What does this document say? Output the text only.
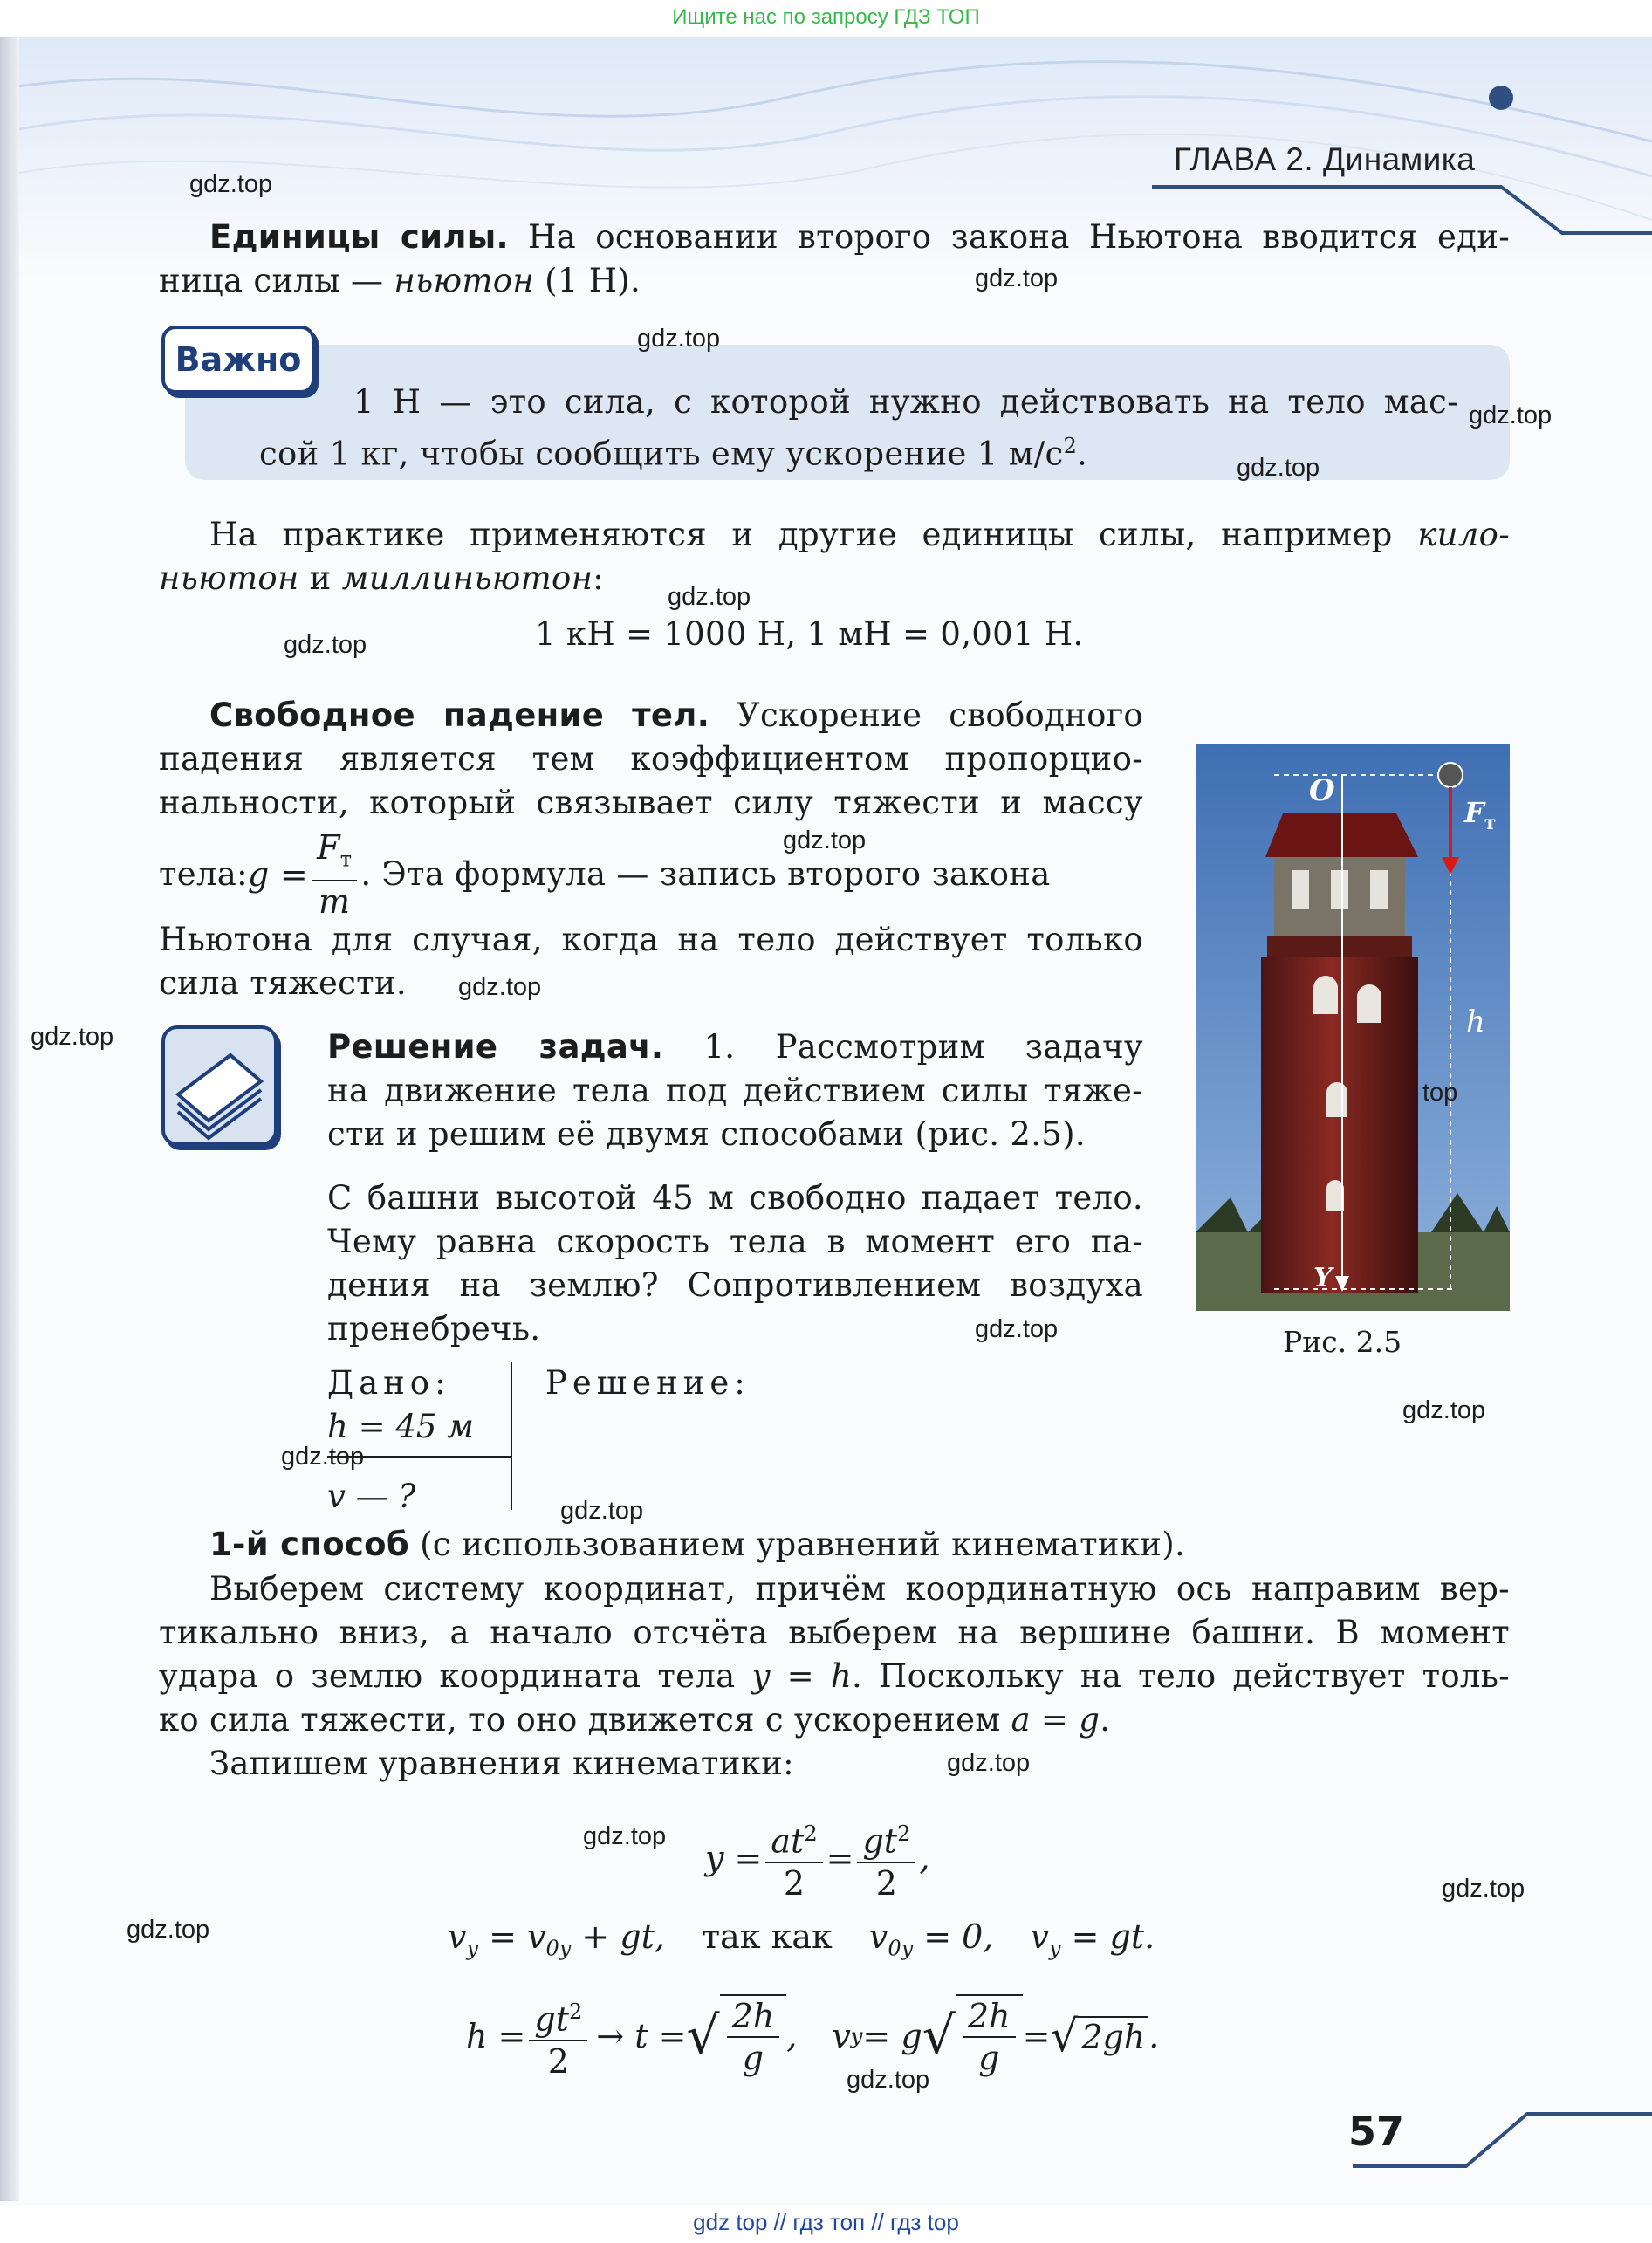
Ищите нас по запросу ГДЗ ТОП
ГЛАВА 2. Динамика
Единицы силы. На основании второго закона Ньютона вводится еди-
ница силы — ньютон (1 Н).
Важно
1 Н — это сила, с которой нужно действовать на тело мас-
сой 1 кг, чтобы сообщить ему ускорение 1 $м/с^2$.
На практике применяются и другие единицы силы, например кило-
ньютон и миллиньютон:
1 кН = 1000 Н, 1 мН = 0,001 Н.
Свободное падение тел. Ускорение свободного
падения является тем коэффициентом пропорцио-
нальности, который связывает силу тяжести и массу
тела: $g = \frac{F_т}{m}$ . Эта формула — запись второго закона
Ньютона для случая, когда на тело действует только
сила тяжести.
Решение задач. 1. Рассмотрим задачу
на движение тела под действием силы тяже-
сти и решим её двумя способами (рис. 2.5).
С башни высотой 45 м свободно падает тело.
Чему равна скорость тела в момент его па-
дения на землю? Сопротивлением воздуха
пренебречь.
Дано:	Решение:
h = 45 м
v — ?
O
$F_т$
h
Y
Рис. 2.5
1-й способ (с использованием уравнений кинематики).
Выберем систему координат, причём координатную ось направим вер-
тикально вниз, а начало отсчёта выберем на вершине башни. В момент
удара о землю координата тела y = h. Поскольку на тело действует толь-
ко сила тяжести, то оно движется с ускорением a = g.
Запишем уравнения кинематики:
$y = \frac{at^2}{2} = \frac{gt^2}{2}$ ,
$v_y = v_{0y}$ + gt, так как $v_{0y} = 0$, $v_y$ = gt.
$h = \frac{gt^2}{2} \to t$ = √ $\frac{2h}{g}$ , v y = g √ $\frac{2h}{g}$ = √ 2gh .
57
gdz.top
gdz.top
gdz.top
gdz.top
gdz.top
gdz.top
gdz.top
gdz.top
gdz.top
gdz.top
top
gdz.top
gdz.top
gdz.top
gdz.top
gdz.top
gdz.top
gdz.top
gdz.top
gdz.top
gdz top // гдз топ // гдз top
